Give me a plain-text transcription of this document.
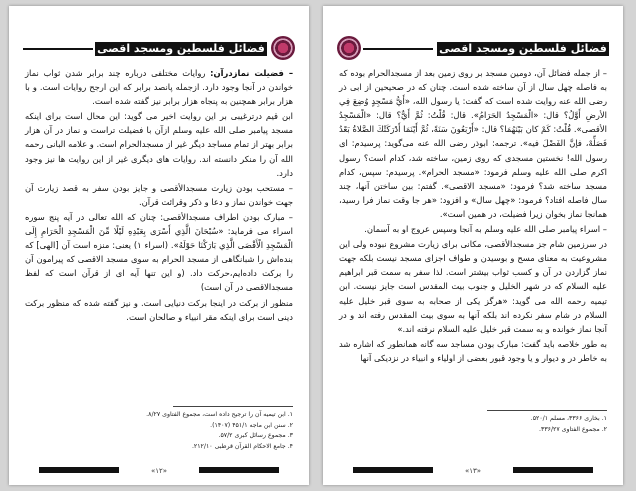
فضائل فلسطين ومسجد اقصى

– از جمله فضائل آن، دومین مسجد بر روی زمین بعد از مسجدالحرام بوده که به فاصله چهل سال از آن ساخته شده است. چنان که در صحیحین از ابی ذر رضی الله عنه روایت شده است که گفت: یا رسول الله، «أَيُّ مَسْجِدٍ وُضِعَ فِي الأرضِ أَوَّلُ؟ قال: «الْمَسْجِدُ الحَرَامُ». قال: قُلْتُ: ثُمَّ أَيٌّ؟ قال: «الْمَسْجِدُ الأقصى». قُلْتُ: كَمْ كان بَيْنَهُمَا؟ قال: «أَرْبَعُونَ سَنَةً، ثُمَّ أَيْنَمَا أَدْرَكَتْكَ الصَّلاةُ بَعْدُ فَصَلِّهْ، فإنَّ الفَضْلَ فيه». ترجمه: ابوذر رضی الله عنه می‌گوید: پرسیدم: ای رسول الله! نخستین مسجدی که روی زمین، ساخته شد، کدام است؟ رسول اکرم صلی الله علیه وسلم فرمود: «مسجد الحرام». پرسیدم: سپس، کدام مسجد ساخته شد؟ فرمود: «مسجد الاقصی». گفتم: بین ساختن آنها، چند سال فاصله افتاد؟ فرمود: «چهل سال» و افزود: «هر جا وقت نماز فرا رسید، همانجا نماز بخوان زیرا فضیلت، در همین است».

– اسراء پیامبر صلی الله علیه وسلم به آنجا وسپس عروج او به آسمان.

در سرزمین شام جز مسجدالأقصی، مکانی برای زیارت مشروع نبوده ولی این مشروعیت به معنای مسح و بوسیدن و طواف اجزای مسجد نیست بلکه جهت نماز گزاردن در آن و کسب ثواب بیشتر است. لذا سفر به سمت قبر ابراهیم علیه السلام که در شهر الخلیل و جنوب بیت المقدس است جایز نیست. ابن تیمیه رحمه الله می گوید: «هرگز یکی از صحابه به سوی قبر خلیل علیه السلام در شام سفر نکرده اند بلکه آنها به سوی بیت المقدس رفته اند و در آنجا نماز خوانده و به سمت قبر خلیل علیه السلام نرفته اند.»

به طور خلاصه باید گفت: مبارک بودن مساجد سه گانه همانطور که اشاره شد به خاطر در و دیوار و یا وجود قبور بعضی از اولیاء و انبیاء در نزدیکی آنها

۱. بخاری ۳۳۶۶، مسلم ۵۲۰/۱.
۲. مجموع الفتاوی ۳۳۶/۲۷.
«۱۳»
فضائل فلسطين ومسجد اقصى

– فضیلت نمازدرآن: روایات مختلفی درباره چند برابر شدن ثواب نماز خواندن در آنجا وجود دارد. ازجمله پانصد برابر که این ارجح روایات است. و با هزار برابر همچنین به پنجاه هزار برابر نیز گفته شده است.

ابن قیم درترغیبی بر این روایت اخیر می گوید: این محال است برای اینکه مسجد پیامبر صلی الله علیه وسلم ازآن با فضیلت تراست و نماز در آن هزار برابر بهتر از تمام مساجد دیگر غیر از مسجدالحرام است. و علامه البانی رحمه الله آن را منکر دانسته اند. روایات های دیگری غیر از این روایت ها نیز وجود دارد.

– مستحب بودن زیارت مسجدالأقصی و جایز بودن سفر به قصد زیارت آن جهت خواندن نماز و دعا و ذکر وقرائت قرآن.

– مبارک بودن اطراف مسجدالأقصی: چنان که الله تعالی در آیه پنج سوره اسراء می فرماید: «سُبْحَانَ الَّذِي أَسْرَى بِعَبْدِهِ لَيْلًا مِّنَ الْمَسْجِدِ الْحَرَامِ إِلَى الْمَسْجِدِ الْأَقْصَى الَّذِي بَارَكْنَا حَوْلَهُ». (اسراء ۱) یعنی: منزه است آن [الهی] که بنده‌اش را شبانگاهی از مسجد الحرام به سوی مسجد الاقصی که پیرامون آن را برکت داده‌ایم،حرکت داد. (و این تنها آیه ای از قرآن است که لفظ مسجدالاقصی در آن است)

منظور از برکت در اینجا برکت دنیایی است. و نیز گفته شده که منظور برکت دینی است برای اینکه مقر انبیاء و صالحان است.

۱. ابن تیمیه آن را ترجیح داده است، مجموع الفتاوی ۸/۲۷.
۲. سنن ابن ماجه ۴۵۱/۱ (۱۴۰۷).
۳. مجموع رسائل کبری ۵۷/۲.
۴. جامع الاحکام القرآن قرطبی ۲۱۲/۱۰.
«۱۲»
